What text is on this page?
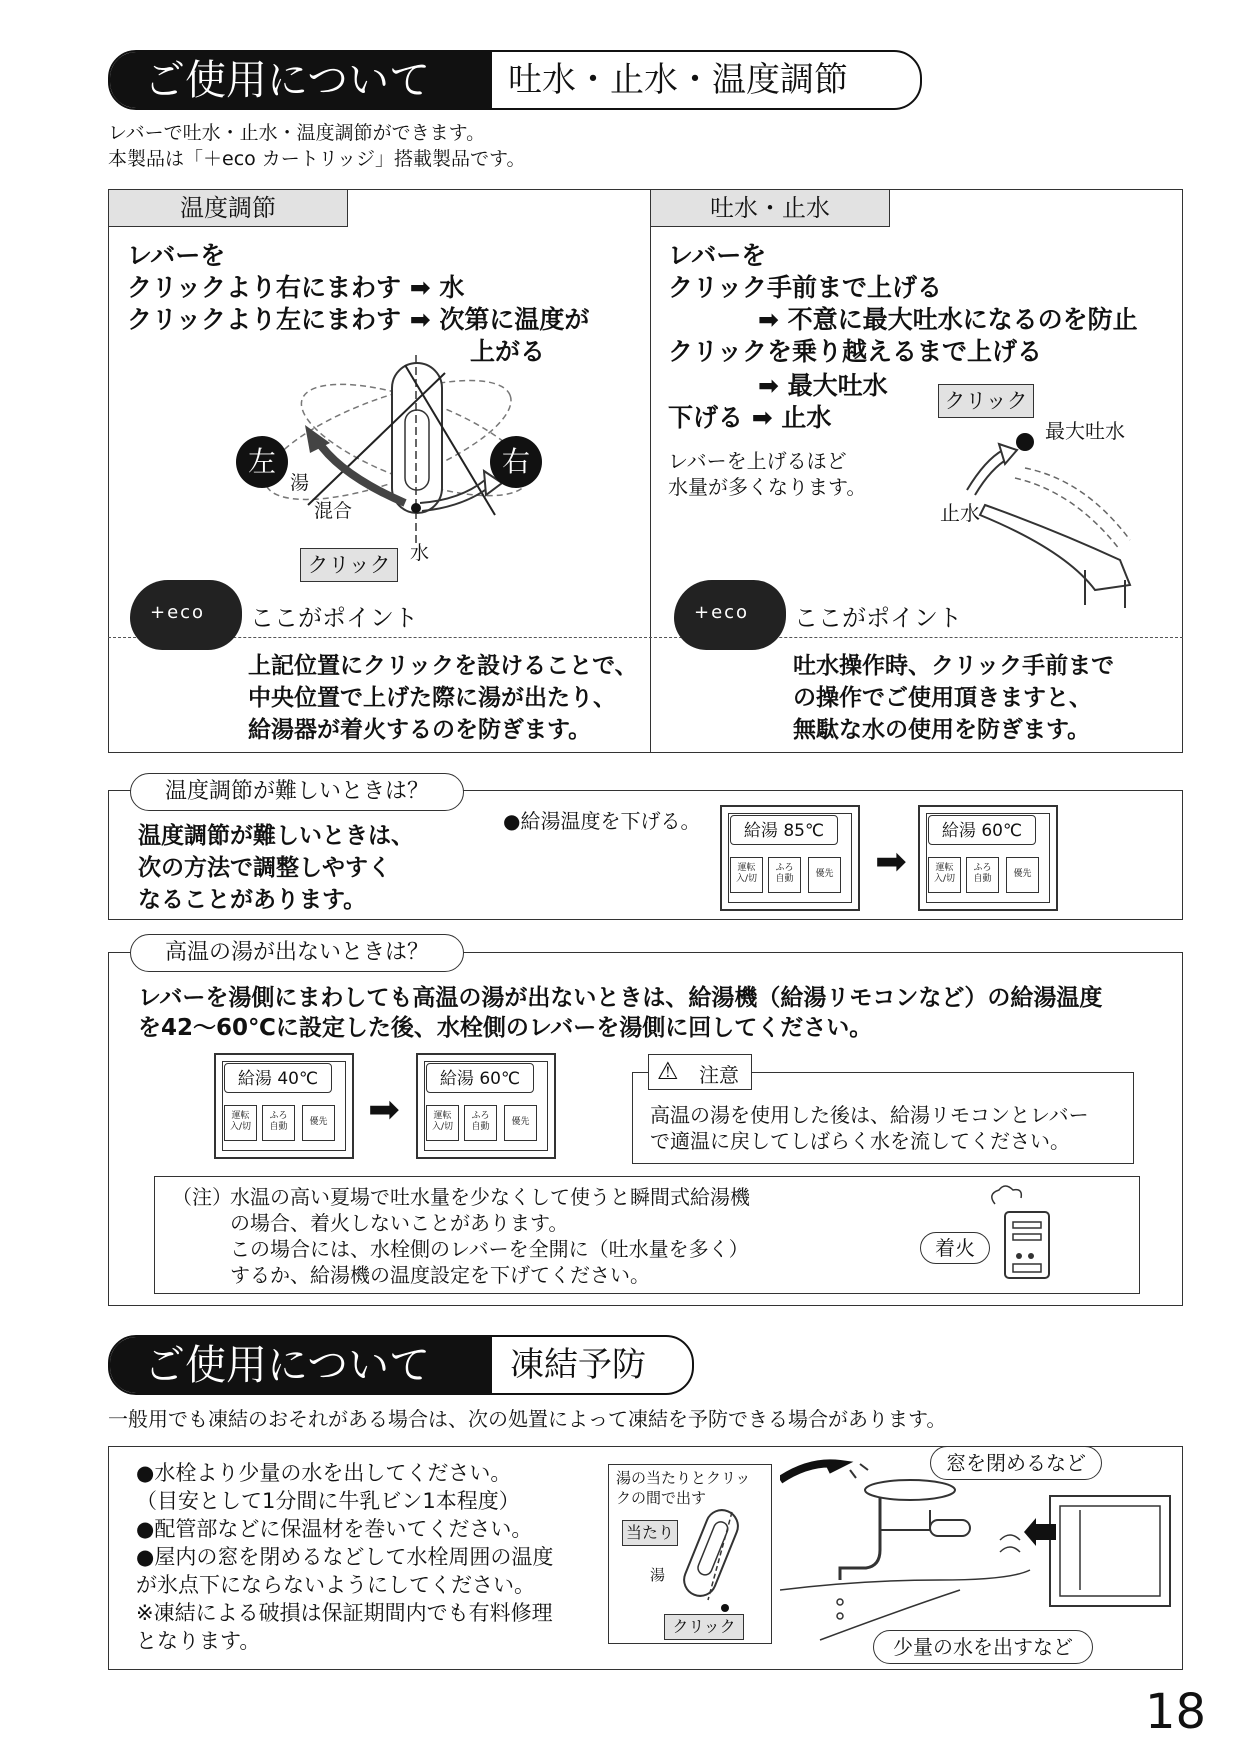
ご使用について	吐水・止水・温度調節
レバーで吐水・止水・温度調節ができます。
本製品は「＋eco カートリッジ」搭載製品です。
温度調節
レバーを
クリックより右にまわす ➡ 水
クリックより左にまわす ➡ 次第に温度が
上がる
左	右
湯
混合
水
クリック
+eco ここがポイント
上記位置にクリックを設けることで、
中央位置で上げた際に湯が出たり、
給湯器が着火するのを防ぎます。
吐水・止水
レバーを
クリック手前まで上げる
➡ 不意に最大吐水になるのを防止
クリックを乗り越えるまで上げる
➡ 最大吐水
下げる ➡ 止水
レバーを上げるほど
水量が多くなります。
クリック
最大吐水
止水
+eco ここがポイント
吐水操作時、クリック手前まで
の操作でご使用頂きますと、
無駄な水の使用を防ぎます。
温度調節が難しいときは？
温度調節が難しいときは、
次の方法で調整しやすく
なることがあります。
●給湯温度を下げる。	給湯 85℃
運転
入/切
ふろ
自動	優先 ➡
給湯 60℃
運転
入/切
ふろ
自動	優先
高温の湯が出ないときは？
レバーを湯側にまわしても高温の湯が出ないときは、給湯機（給湯リモコンなど）の給湯温度
を42〜60℃に設定した後、水栓側のレバーを湯側に回してください。
給湯 40℃
運転
入/切
ふろ
自動	優先 ➡
給湯 60℃
運転
入/切
ふろ
自動	優先
⚠ 注意
高温の湯を使用した後は、給湯リモコンとレバー
で適温に戻してしばらく水を流してください。
（注）
水温の高い夏場で吐水量を少なくして使うと瞬間式給湯機
の場合、着火しないことがあります。
この場合には、水栓側のレバーを全開に（吐水量を多く）
するか、給湯機の温度設定を下げてください。
着火
ご使用について	凍結予防
一般用でも凍結のおそれがある場合は、次の処置によって凍結を予防できる場合があります。
●水栓より少量の水を出してください。
（目安として1分間に牛乳ビン1本程度）
●配管部などに保温材を巻いてください。
●屋内の窓を閉めるなどして水栓周囲の温度
が氷点下にならないようにしてください。
※凍結による破損は保証期間内でも有料修理
となります。
湯の当たりとクリッ
クの間で出す
当たり
湯
クリック
窓を閉めるなど
少量の水を出すなど
18
